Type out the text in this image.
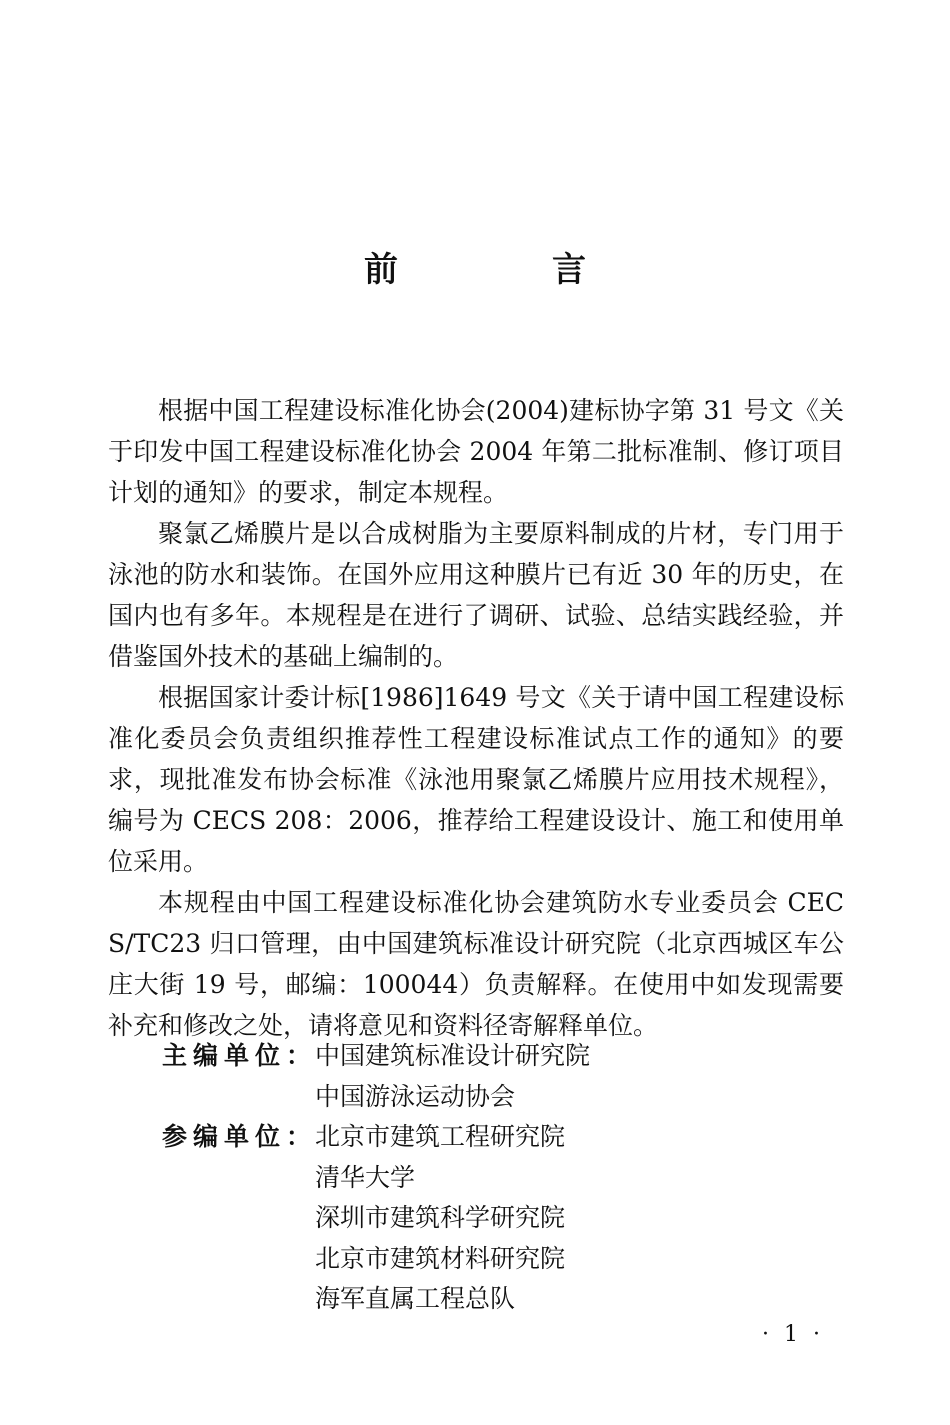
前　言

根据中国工程建设标准化协会(2004)建标协字第 31 号文《关于印发中国工程建设标准化协会 2004 年第二批标准制、修订项目计划的通知》的要求，制定本规程。

聚氯乙烯膜片是以合成树脂为主要原料制成的片材，专门用于泳池的防水和装饰。在国外应用这种膜片已有近 30 年的历史，在国内也有多年。本规程是在进行了调研、试验、总结实践经验，并借鉴国外技术的基础上编制的。

根据国家计委计标[1986]1649 号文《关于请中国工程建设标准化委员会负责组织推荐性工程建设标准试点工作的通知》的要求，现批准发布协会标准《泳池用聚氯乙烯膜片应用技术规程》，编号为 CECS 208：2006，推荐给工程建设设计、施工和使用单位采用。

本规程由中国工程建设标准化协会建筑防水专业委员会 CECS/TC23 归口管理，由中国建筑标准设计研究院（北京西城区车公庄大街 19 号，邮编：100044）负责解释。在使用中如发现需要补充和修改之处，请将意见和资料径寄解释单位。

主编单位：
中国建筑标准设计研究院
中国游泳运动协会
参编单位：
北京市建筑工程研究院
清华大学
深圳市建筑科学研究院
北京市建筑材料研究院
海军直属工程总队
· 1 ·
